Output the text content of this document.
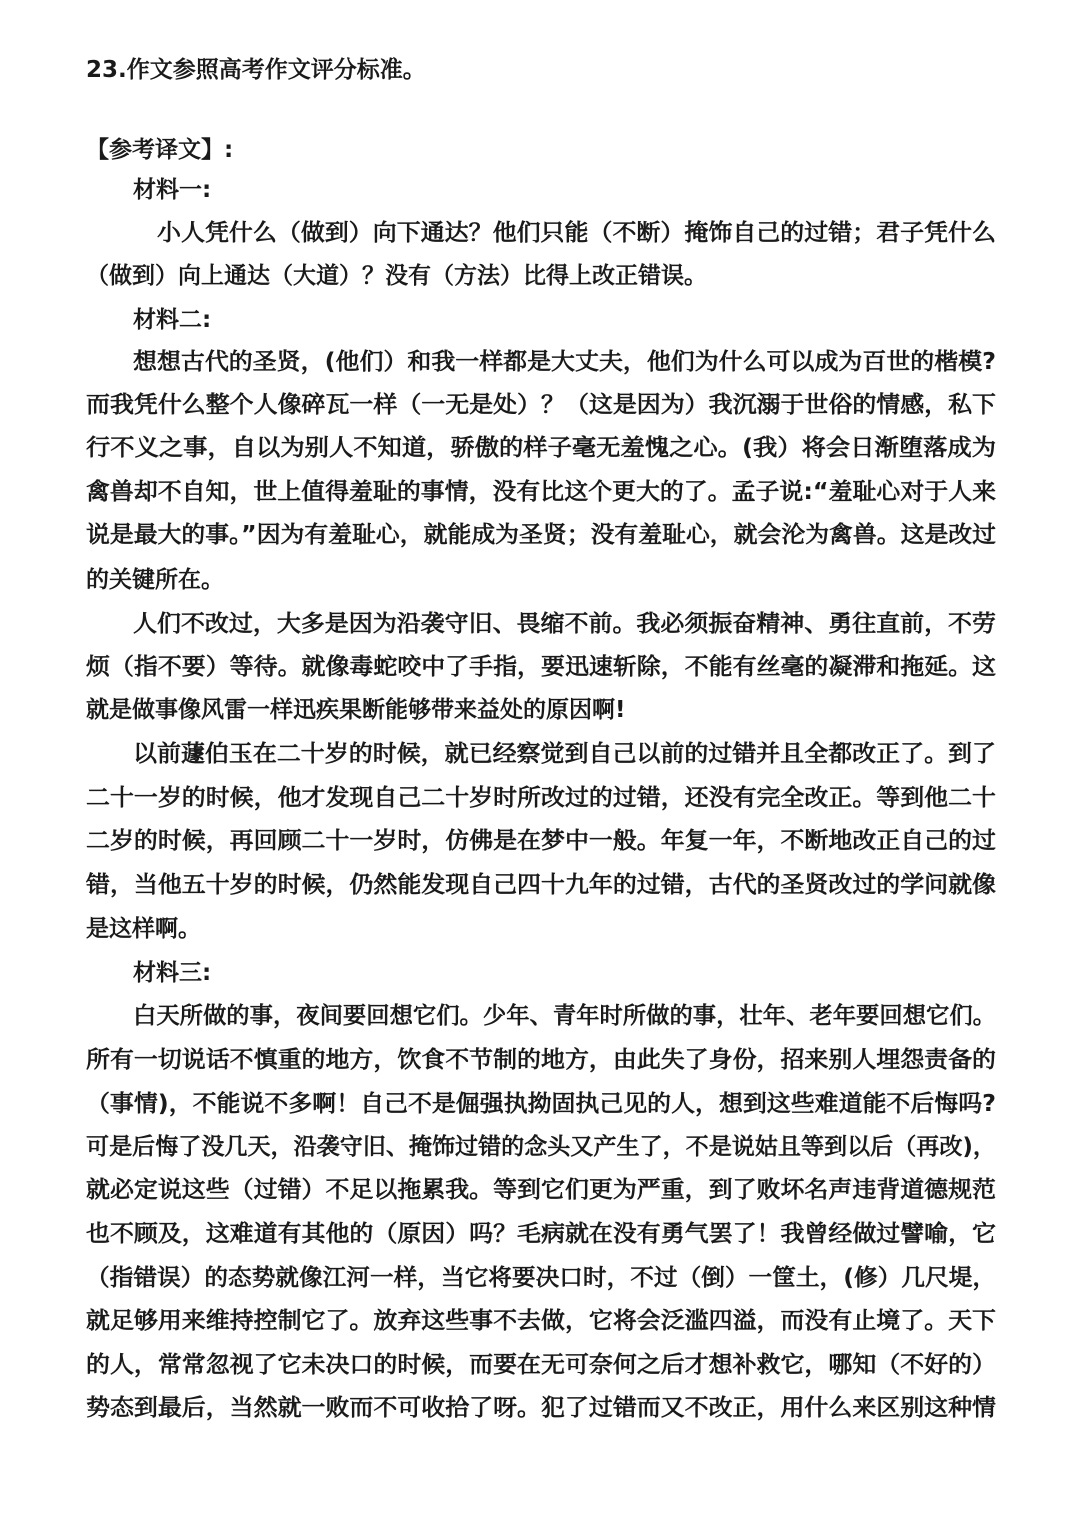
23.作文参照高考作文评分标准。
【参考译文】:
材料一:
小人凭什么（做到）向下通达？他们只能（不断）掩饰自己的过错；君子凭什么
（做到）向上通达（大道）？没有（方法）比得上改正错误。
材料二:
想想古代的圣贤，(他们）和我一样都是大丈夫，他们为什么可以成为百世的楷模?
而我凭什么整个人像碎瓦一样（一无是处）？（这是因为）我沉溺于世俗的情感，私下
行不义之事，自以为别人不知道，骄傲的样子毫无羞愧之心。(我）将会日渐堕落成为
禽兽却不自知，世上值得羞耻的事情，没有比这个更大的了。孟子说:“羞耻心对于人来
说是最大的事。”因为有羞耻心，就能成为圣贤；没有羞耻心，就会沦为禽兽。这是改过
的关键所在。
人们不改过，大多是因为沿袭守旧、畏缩不前。我必须振奋精神、勇往直前，不劳
烦（指不要）等待。就像毒蛇咬中了手指，要迅速斩除，不能有丝毫的凝滞和拖延。这
就是做事像风雷一样迅疾果断能够带来益处的原因啊!
以前蘧伯玉在二十岁的时候，就已经察觉到自己以前的过错并且全都改正了。到了
二十一岁的时候，他才发现自己二十岁时所改过的过错，还没有完全改正。等到他二十
二岁的时候，再回顾二十一岁时，仿佛是在梦中一般。年复一年，不断地改正自己的过
错，当他五十岁的时候，仍然能发现自己四十九年的过错，古代的圣贤改过的学问就像
是这样啊。
材料三:
白天所做的事，夜间要回想它们。少年、青年时所做的事，壮年、老年要回想它们。
所有一切说话不慎重的地方，饮食不节制的地方，由此失了身份，招来别人埋怨责备的
（事情)，不能说不多啊！自己不是倔强执拗固执己见的人，想到这些难道能不后悔吗?
可是后悔了没几天，沿袭守旧、掩饰过错的念头又产生了，不是说姑且等到以后（再改)，
就必定说这些（过错）不足以拖累我。等到它们更为严重，到了败坏名声违背道德规范
也不顾及，这难道有其他的（原因）吗？毛病就在没有勇气罢了！我曾经做过譬喻，它
（指错误）的态势就像江河一样，当它将要决口时，不过（倒）一筐土，(修）几尺堤，
就足够用来维持控制它了。放弃这些事不去做，它将会泛滥四溢，而没有止境了。天下
的人，常常忽视了它未决口的时候，而要在无可奈何之后才想补救它，哪知（不好的）
势态到最后，当然就一败而不可收拾了呀。犯了过错而又不改正，用什么来区别这种情
